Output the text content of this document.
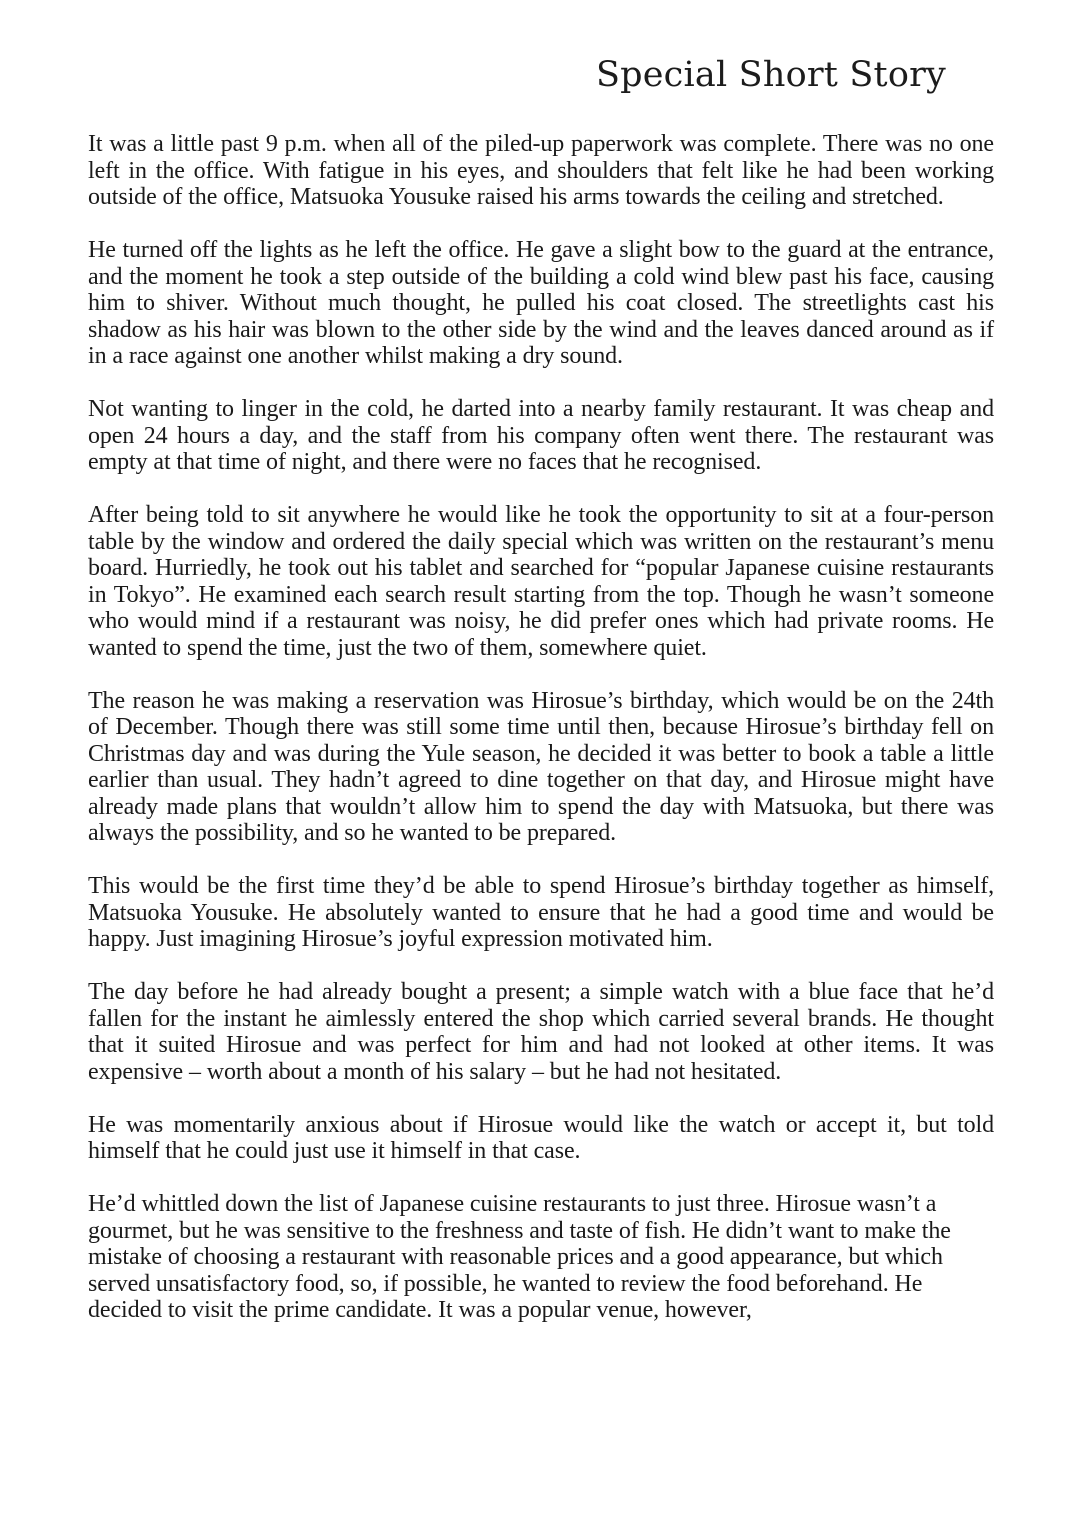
Special Short Story

It was a little past 9 p.m. when all of the piled-up paperwork was complete. There was no one left in the office. With fatigue in his eyes, and shoulders that felt like he had been working outside of the office, Matsuoka Yousuke raised his arms towards the ceiling and stretched.

He turned off the lights as he left the office. He gave a slight bow to the guard at the entrance, and the moment he took a step outside of the building a cold wind blew past his face, causing him to shiver. Without much thought, he pulled his coat closed. The streetlights cast his shadow as his hair was blown to the other side by the wind and the leaves danced around as if in a race against one another whilst making a dry sound.

Not wanting to linger in the cold, he darted into a nearby family restaurant. It was cheap and open 24 hours a day, and the staff from his company often went there. The restaurant was empty at that time of night, and there were no faces that he recognised.

After being told to sit anywhere he would like he took the opportunity to sit at a four-person table by the window and ordered the daily special which was written on the restaurant’s menu board. Hurriedly, he took out his tablet and searched for “popular Japanese cuisine restaurants in Tokyo”. He examined each search result starting from the top. Though he wasn’t someone who would mind if a restaurant was noisy, he did prefer ones which had private rooms. He wanted to spend the time, just the two of them, somewhere quiet.

The reason he was making a reservation was Hirosue’s birthday, which would be on the 24th of December. Though there was still some time until then, because Hirosue’s birthday fell on Christmas day and was during the Yule season, he decided it was better to book a table a little earlier than usual. They hadn’t agreed to dine together on that day, and Hirosue might have already made plans that wouldn’t allow him to spend the day with Matsuoka, but there was always the possibility, and so he wanted to be prepared.

This would be the first time they’d be able to spend Hirosue’s birthday together as himself, Matsuoka Yousuke. He absolutely wanted to ensure that he had a good time and would be happy. Just imagining Hirosue’s joyful expression motivated him.

The day before he had already bought a present; a simple watch with a blue face that he’d fallen for the instant he aimlessly entered the shop which carried several brands. He thought that it suited Hirosue and was perfect for him and had not looked at other items. It was expensive – worth about a month of his salary – but he had not hesitated.

He was momentarily anxious about if Hirosue would like the watch or accept it, but told himself that he could just use it himself in that case.

He’d whittled down the list of Japanese cuisine restaurants to just three. Hirosue wasn’t a gourmet, but he was sensitive to the freshness and taste of fish. He didn’t want to make the mistake of choosing a restaurant with reasonable prices and a good appearance, but which served unsatisfactory food, so, if possible, he wanted to review the food beforehand. He decided to visit the prime candidate. It was a popular venue, however,
